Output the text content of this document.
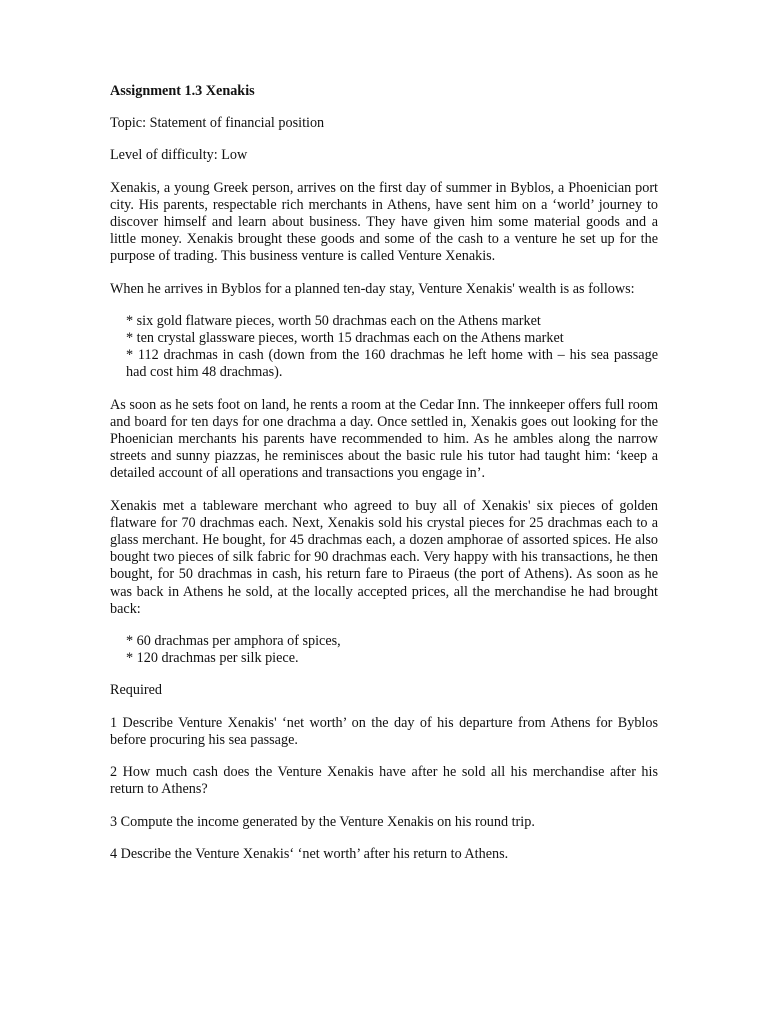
Assignment 1.3 Xenakis
Topic: Statement of financial position
Level of difficulty: Low
Xenakis, a young Greek person, arrives on the first day of summer in Byblos, a Phoenician port city. His parents, respectable rich merchants in Athens, have sent him on a ‘world’ journey to discover himself and learn about business. They have given him some material goods and a little money. Xenakis brought these goods and some of the cash to a venture he set up for the purpose of trading. This business venture is called Venture Xenakis.
When he arrives in Byblos for a planned ten-day stay, Venture Xenakis' wealth is as follows:
* six gold flatware pieces, worth 50 drachmas each on the Athens market
* ten crystal glassware pieces, worth 15 drachmas each on the Athens market
* 112 drachmas in cash (down from the 160 drachmas he left home with – his sea passage had cost him 48 drachmas).
As soon as he sets foot on land, he rents a room at the Cedar Inn. The innkeeper offers full room and board for ten days for one drachma a day. Once settled in, Xenakis goes out looking for the Phoenician merchants his parents have recommended to him. As he ambles along the narrow streets and sunny piazzas, he reminisces about the basic rule his tutor had taught him: ‘keep a detailed account of all operations and transactions you engage in’.
Xenakis met a tableware merchant who agreed to buy all of Xenakis' six pieces of golden flatware for 70 drachmas each. Next, Xenakis sold his crystal pieces for 25 drachmas each to a glass merchant. He bought, for 45 drachmas each, a dozen amphorae of assorted spices. He also bought two pieces of silk fabric for 90 drachmas each. Very happy with his transactions, he then bought, for 50 drachmas in cash, his return fare to Piraeus (the port of Athens). As soon as he was back in Athens he sold, at the locally accepted prices, all the merchandise he had brought back:
* 60 drachmas per amphora of spices,
* 120 drachmas per silk piece.
Required
1 Describe Venture Xenakis' ‘net worth’ on the day of his departure from Athens for Byblos before procuring his sea passage.
2 How much cash does the Venture Xenakis have after he sold all his merchandise after his return to Athens?
3 Compute the income generated by the Venture Xenakis on his round trip.
4 Describe the Venture Xenakis‘ ‘net worth’ after his return to Athens.
